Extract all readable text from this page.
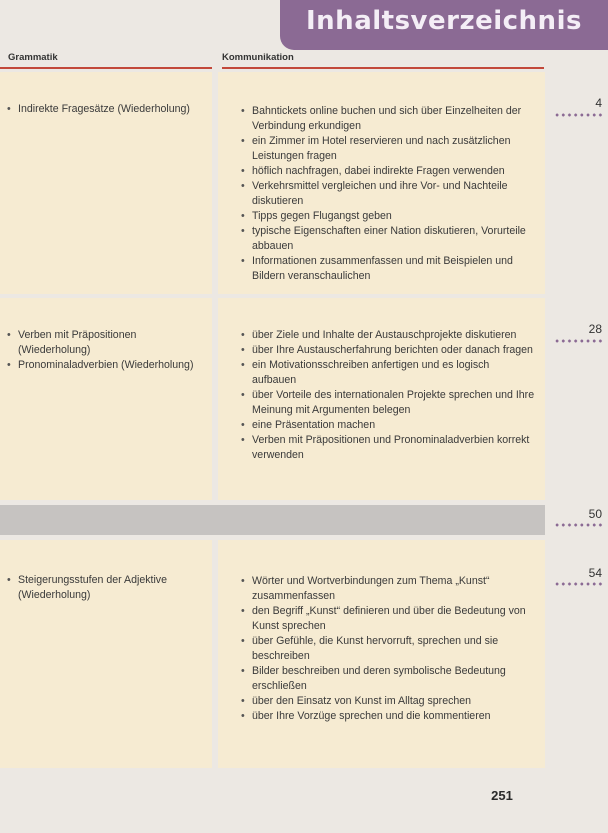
Inhaltsverzeichnis
Grammatik	Kommunikation
• Indirekte Fragesätze (Wiederholung)
•	Bahntickets online buchen und sich über Einzelheiten der Verbindung erkundigen
• ein Zimmer im Hotel reservieren und nach zusätzlichen Leistungen fragen
• höflich nachfragen, dabei indirekte Fragen verwenden
• Verkehrsmittel vergleichen und ihre Vor- und Nachteile diskutieren
• Tipps gegen Flugangst geben
• typische Eigenschaften einer Nation diskutieren, Vorurteile abbauen
• Informationen zusammenfassen und mit Beispielen und Bildern veranschaulichen
4
• Verben mit Präpositionen (Wiederholung)
• Pronominaladverbien (Wiederholung)
• über Ziele und Inhalte der Austauschprojekte diskutieren
• über Ihre Austauscherfahrung berichten oder danach fragen
• ein Motivationsschreiben anfertigen und es logisch aufbauen
• über Vorteile des internationalen Projekte sprechen und Ihre Meinung mit Argumenten belegen
• eine Präsentation machen
• Verben mit Präpositionen und Pronominaladverbien korrekt verwenden
28
50
• Steigerungsstufen der Adjektive (Wiederholung)
• Wörter und Wortverbindungen zum Thema „Kunst“ zusammenfassen
• den Begriff „Kunst“ definieren und über die Bedeutung von Kunst sprechen
• über Gefühle, die Kunst hervorruft, sprechen und sie beschreiben
• Bilder beschreiben und deren symbolische Bedeutung erschließen
• über den Einsatz von Kunst im Alltag sprechen
• über Ihre Vorzüge sprechen und die kommentieren
54
251
